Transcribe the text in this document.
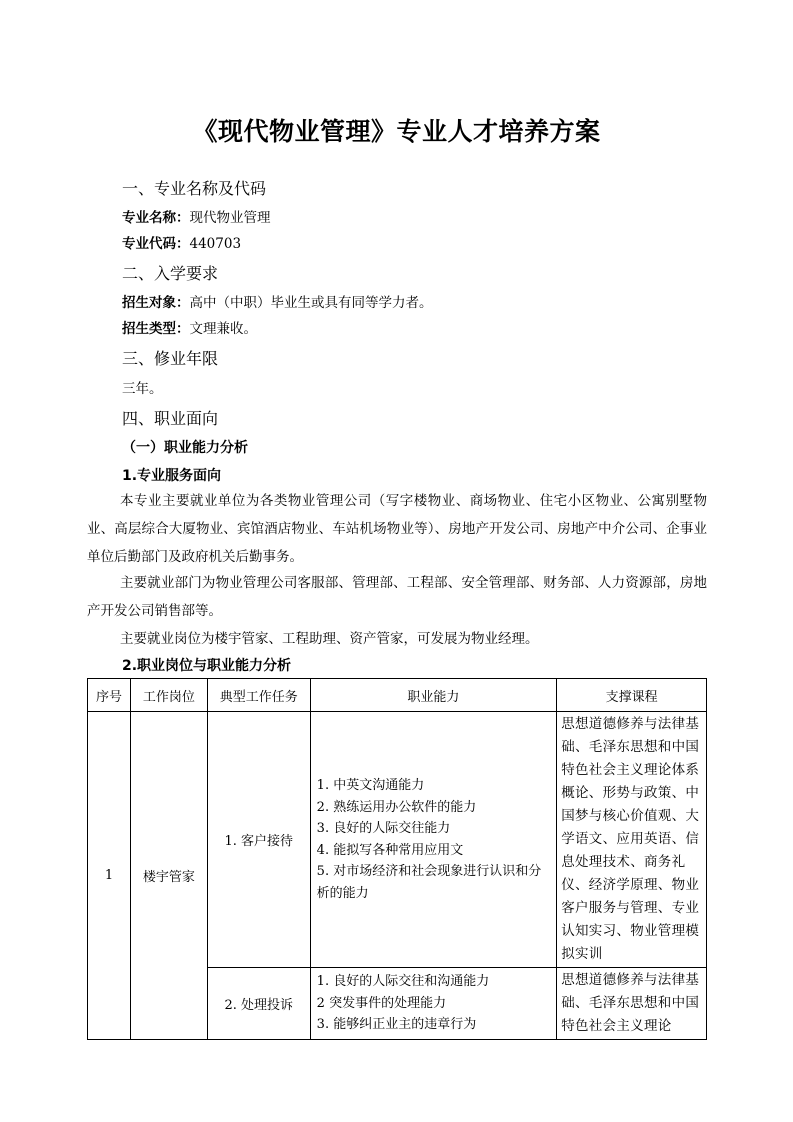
《现代物业管理》专业人才培养方案
一、专业名称及代码
专业名称：现代物业管理
专业代码：440703
二、入学要求
招生对象：高中（中职）毕业生或具有同等学力者。
招生类型：文理兼收。
三、修业年限
三年。
四、职业面向
（一）职业能力分析
1.专业服务面向
本专业主要就业单位为各类物业管理公司（写字楼物业、商场物业、住宅小区物业、公寓别墅物业、高层综合大厦物业、宾馆酒店物业、车站机场物业等）、房地产开发公司、房地产中介公司、企事业单位后勤部门及政府机关后勤事务。
主要就业部门为物业管理公司客服部、管理部、工程部、安全管理部、财务部、人力资源部，房地产开发公司销售部等。
主要就业岗位为楼宇管家、工程助理、资产管家，可发展为物业经理。
2.职业岗位与职业能力分析
序号	工作岗位	典型工作任务	职业能力	支撑课程
1	楼宇管家	1. 客户接待	1. 中英文沟通能力
2. 熟练运用办公软件的能力
3. 良好的人际交往能力
4. 能拟写各种常用应用文
5. 对市场经济和社会现象进行认识和分析的能力	思想道德修养与法律基础、毛泽东思想和中国特色社会主义理论体系概论、形势与政策、中国梦与核心价值观、大学语文、应用英语、信息处理技术、商务礼仪、经济学原理、物业客户服务与管理、专业认知实习、物业管理模拟实训
		2. 处理投诉	1. 良好的人际交往和沟通能力
2 突发事件的处理能力
3. 能够纠正业主的违章行为	思想道德修养与法律基础、毛泽东思想和中国特色社会主义理论
